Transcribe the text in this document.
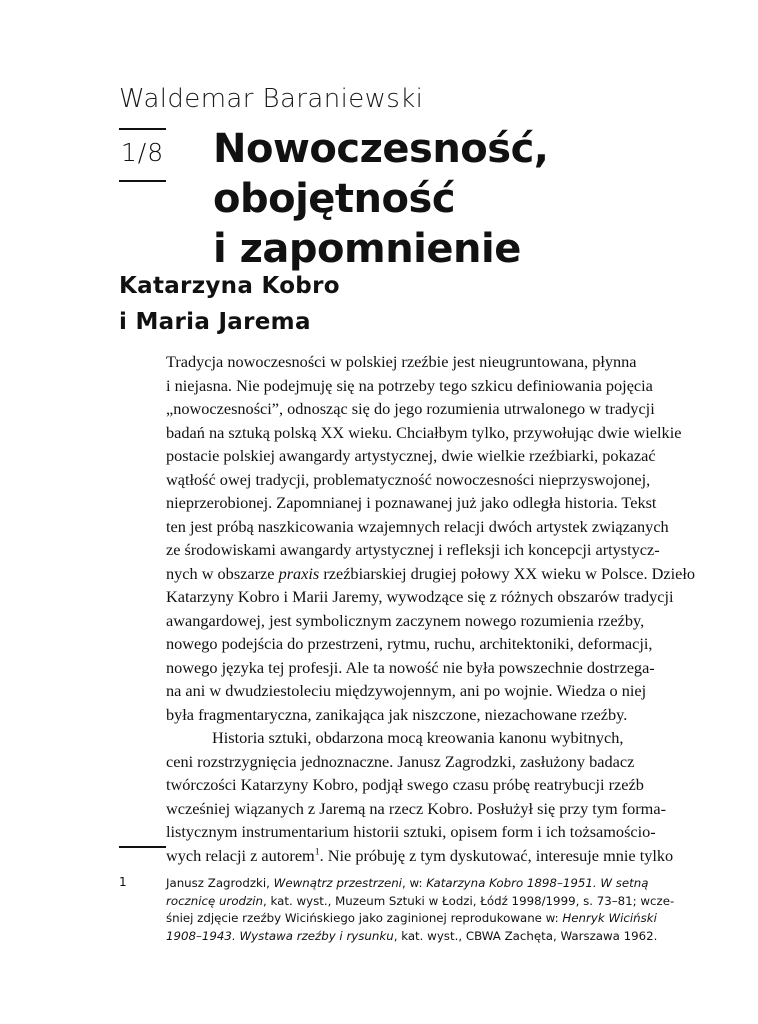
Waldemar Baraniewski
1/8 Nowoczesność,
obojętność
i zapomnienie
Katarzyna Kobro
i Maria Jarema
Tradycja nowoczesności w polskiej rzeźbie jest nieugruntowana, płynna
i niejasna. Nie podejmuję się na potrzeby tego szkicu definiowania pojęcia
„nowoczesności”, odnosząc się do jego rozumienia utrwalonego w tradycji
badań na sztuką polską XX wieku. Chciałbym tylko, przywołując dwie wielkie
postacie polskiej awangardy artystycznej, dwie wielkie rzeźbiarki, pokazać
wątłość owej tradycji, problematyczność nowoczesności nieprzyswojonej,
nieprzerobionej. Zapomnianej i poznawanej już jako odległa historia. Tekst
ten jest próbą naszkicowania wzajemnych relacji dwóch artystek związanych
ze środowiskami awangardy artystycznej i refleksji ich koncepcji artystycz-
nych w obszarze praxis rzeźbiarskiej drugiej połowy XX wieku w Polsce. Dzieło
Katarzyny Kobro i Marii Jaremy, wywodzące się z różnych obszarów tradycji
awangardowej, jest symbolicznym zaczynem nowego rozumienia rzeźby,
nowego podejścia do przestrzeni, rytmu, ruchu, architektoniki, deformacji,
nowego języka tej profesji. Ale ta nowość nie była powszechnie dostrzega-
na ani w dwudziestoleciu międzywojennym, ani po wojnie. Wiedza o niej
była fragmentaryczna, zanikająca jak niszczone, niezachowane rzeźby.
Historia sztuki, obdarzona mocą kreowania kanonu wybitnych,
ceni rozstrzygnięcia jednoznaczne. Janusz Zagrodzki, zasłużony badacz
twórczości Katarzyny Kobro, podjął swego czasu próbę reatrybucji rzeźb
wcześniej wiązanych z Jaremą na rzecz Kobro. Posłużył się przy tym forma-
listycznym instrumentarium historii sztuki, opisem form i ich tożsamościo-
wych relacji z autorem$^1$. Nie próbuję z tym dyskutować, interesuje mnie tylko
1	Janusz Zagrodzki, Wewnątrz przestrzeni, w: Katarzyna Kobro 1898–1951. W setną
rocznicę urodzin, kat. wyst., Muzeum Sztuki w Łodzi, Łódź 1998/1999, s. 73–81; wcze-
śniej zdjęcie rzeźby Wicińskiego jako zaginionej reprodukowane w: Henryk Wiciński
1908–1943. Wystawa rzeźby i rysunku, kat. wyst., CBWA Zachęta, Warszawa 1962.
